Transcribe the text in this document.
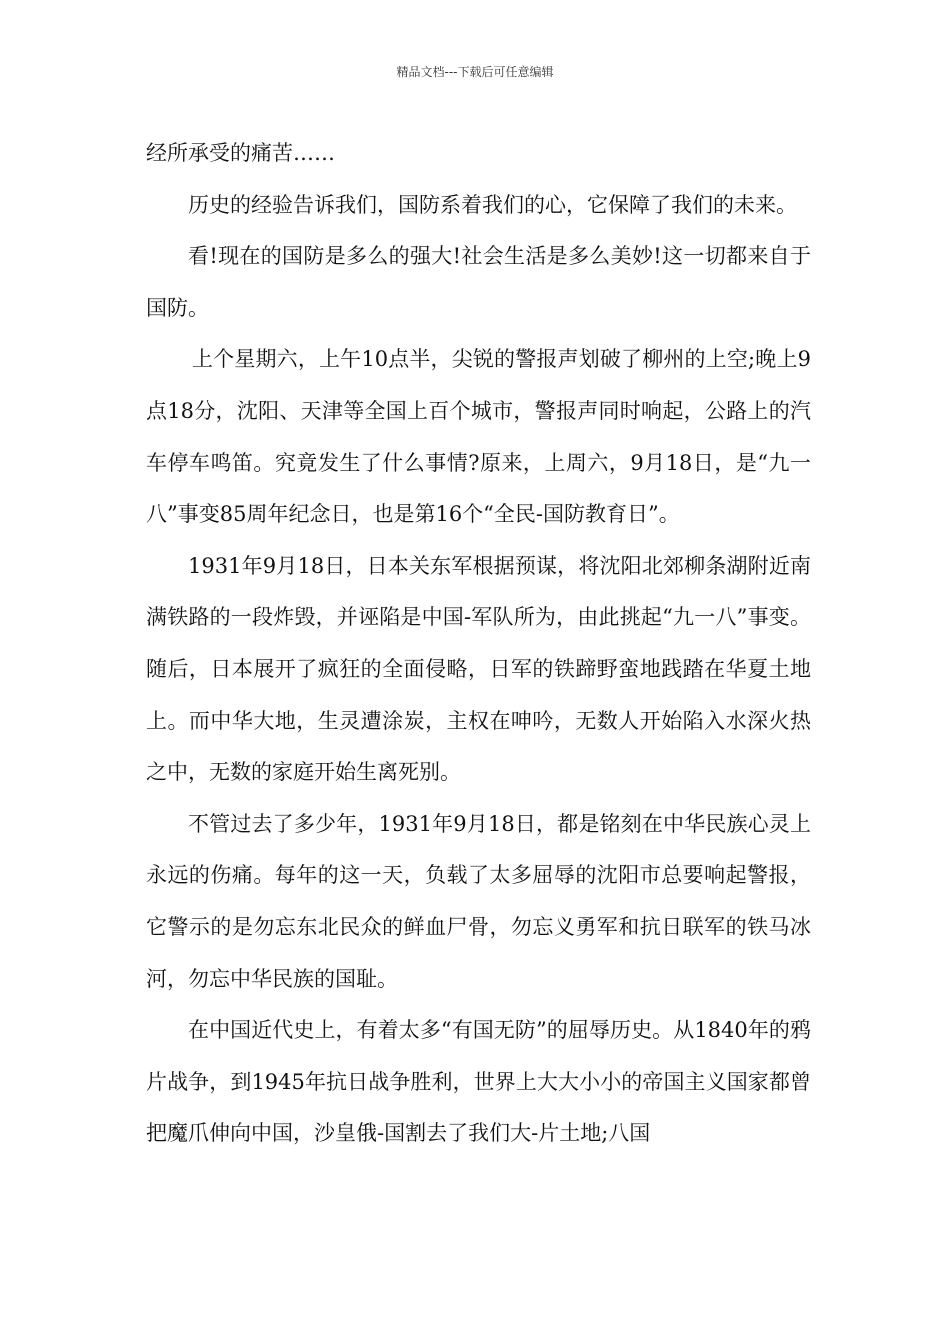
精品文档---下载后可任意编辑

经所承受的痛苦……

历史的经验告诉我们，国防系着我们的心，它保障了我们的未来。

看!现在的国防是多么的强大!社会生活是多么美妙!这一切都来自于国防。

上个星期六，上午10点半，尖锐的警报声划破了柳州的上空;晚上9点18分，沈阳、天津等全国上百个城市，警报声同时响起，公路上的汽车停车鸣笛。究竟发生了什么事情?原来，上周六，9月18日，是“九一八”事变85周年纪念日，也是第16个“全民-国防教育日”。

1931年9月18日，日本关东军根据预谋，将沈阳北郊柳条湖附近南满铁路的一段炸毁，并诬陷是中国-军队所为，由此挑起“九一八”事变。随后，日本展开了疯狂的全面侵略，日军的铁蹄野蛮地践踏在华夏土地上。而中华大地，生灵遭涂炭，主权在呻吟，无数人开始陷入水深火热之中，无数的家庭开始生离死别。

不管过去了多少年，1931年9月18日，都是铭刻在中华民族心灵上永远的伤痛。每年的这一天，负载了太多屈辱的沈阳市总要响起警报，它警示的是勿忘东北民众的鲜血尸骨，勿忘义勇军和抗日联军的铁马冰河，勿忘中华民族的国耻。

在中国近代史上，有着太多“有国无防”的屈辱历史。从1840年的鸦片战争，到1945年抗日战争胜利，世界上大大小小的帝国主义国家都曾把魔爪伸向中国，沙皇俄-国割去了我们大-片土地;八国
